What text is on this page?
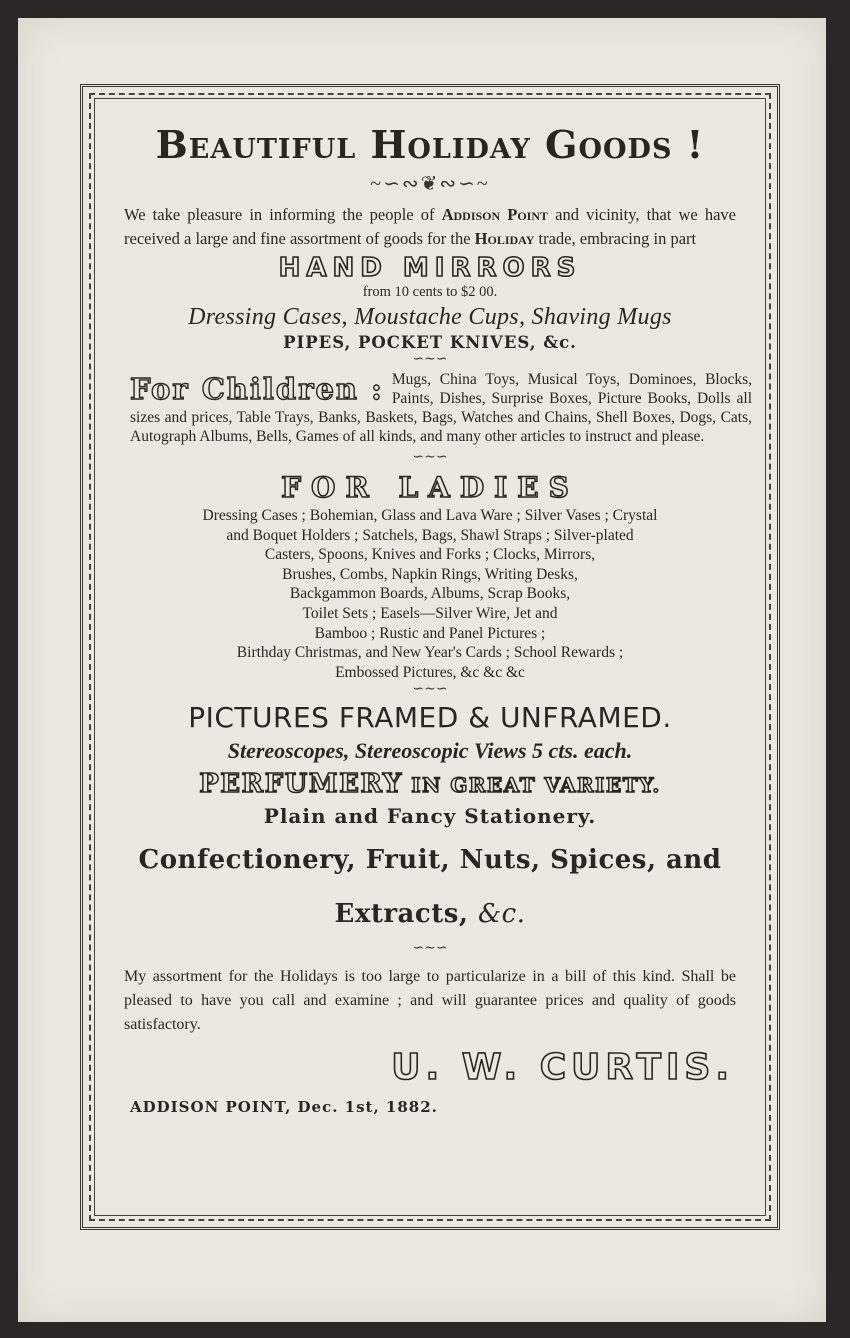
Beautiful Holiday Goods !
~∽∾❦∾∽~
We take pleasure in informing the people of Addison Point and vicinity, that we have received a large and fine assortment of goods for the Holiday trade, embracing in part
HAND MIRRORS
from 10 cents to $2 00.
Dressing Cases, Moustache Cups, Shaving Mugs
PIPES, POCKET KNIVES, &c.
∽∼∽
For Children : Mugs, China Toys, Musical Toys, Dominoes, Blocks, Paints, Dishes, Surprise Boxes, Picture Books, Dolls all sizes and prices, Table Trays, Banks, Baskets, Bags, Watches and Chains, Shell Boxes, Dogs, Cats, Autograph Albums, Bells, Games of all kinds, and many other articles to instruct and please.
∽∼∽
FOR LADIES
Dressing Cases ; Bohemian, Glass and Lava Ware ; Silver Vases ; Crystal
and Boquet Holders ; Satchels, Bags, Shawl Straps ; Silver-plated
Casters, Spoons, Knives and Forks ; Clocks, Mirrors,
Brushes, Combs, Napkin Rings, Writing Desks,
Backgammon Boards, Albums, Scrap Books,
Toilet Sets ; Easels—Silver Wire, Jet and
Bamboo ; Rustic and Panel Pictures ;
Birthday Christmas, and New Year's Cards ; School Rewards ;
Embossed Pictures, &c &c &c
∽∼∽
PICTURES FRAMED & UNFRAMED.
Stereoscopes, Stereoscopic Views 5 cts. each.
PERFUMERY IN GREAT VARIETY.
Plain and Fancy Stationery.
Confectionery, Fruit, Nuts, Spices, and Extracts, &c.
∽∼∽
My assortment for the Holidays is too large to particularize in a bill of this kind. Shall be pleased to have you call and examine ; and will guarantee prices and quality of goods satisfactory.
U. W. CURTIS.
ADDISON POINT, Dec. 1st, 1882.
